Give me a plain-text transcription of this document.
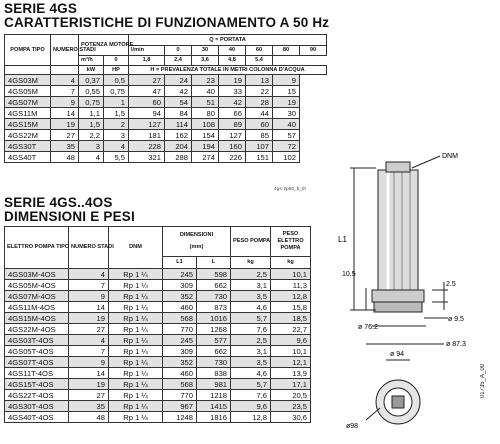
SERIE 4GS
CARATTERISTICHE DI FUNZIONAMENTO A 50 Hz
POMPA TIPO	NUMERO STADI	POTENZA MOTORE		Q = PORTATA						
				l/min	0	30	40	60	80	90
		m³/h	0	1,8	2,4	3,6	4,8	5,4		
		kW	HP	H = PREVALENZA TOTALE IN METRI COLONNA D'ACQUA						
4GS03M	4	0,37	0,5	27	24	23	19	13	9	
4GS05M	7	0,55	0,75	47	42	40	33	22	15	
4GS07M	9	0,75	1	60	54	51	42	28	19	
4GS11M	14	1,1	1,5	94	84	80	66	44	30	
4GS15M	19	1,5	2	127	114	108	89	60	40	
4GS22M	27	2,2	3	181	162	154	127	85	57	
4GS30T	35	3	4	228	204	194	160	107	72	
4GS40T	48	4	5,5	321	288	274	226	151	102	
4gs-2p50_b_th
SERIE 4GS..4OS
DIMENSIONI E PESI
ELETTRO POMPA TIPO	NUMERO STADI	DNM	DIMENSIONI
(mm)		PESO POMPA	PESO ELETTRO POMPA
			L1	L	kg	kg
4GS03M-4OS	4	Rp 1 ¼	245	598	2,5	10,1
4GS05M-4OS	7	Rp 1 ¼	309	662	3,1	11,3
4GS07M-4OS	9	Rp 1 ¼	352	730	3,5	12,8
4GS11M-4OS	14	Rp 1 ¼	460	873	4,6	15,8
4GS15M-4OS	19	Rp 1 ¼	568	1016	5,7	18,5
4GS22M-4OS	27	Rp 1 ¼	770	1268	7,6	22,7
4GS03T-4OS	4	Rp 1 ¼	245	577	2,5	9,6
4GS05T-4OS	7	Rp 1 ¼	309	662	3,1	10,1
4GS07T-4OS	9	Rp 1 ¼	352	730	3,5	12,1
4GS11T-4OS	14	Rp 1 ¼	460	838	4,6	13,9
4GS15T-4OS	19	Rp 1 ¼	568	981	5,7	17,1
4GS22T-4OS	27	Rp 1 ¼	770	1218	7,6	20,5
4GS30T-4OS	35	Rp 1 ¼	967	1415	9,6	23,5
4GS40T-4OS	48	Rp 1 ¼	1248	1816	12,8	30,6
DNM
L1
10.5
2.5
ø 76.2
ø 9.5
ø 87.3
ø 94
ø98
01735_A_00
